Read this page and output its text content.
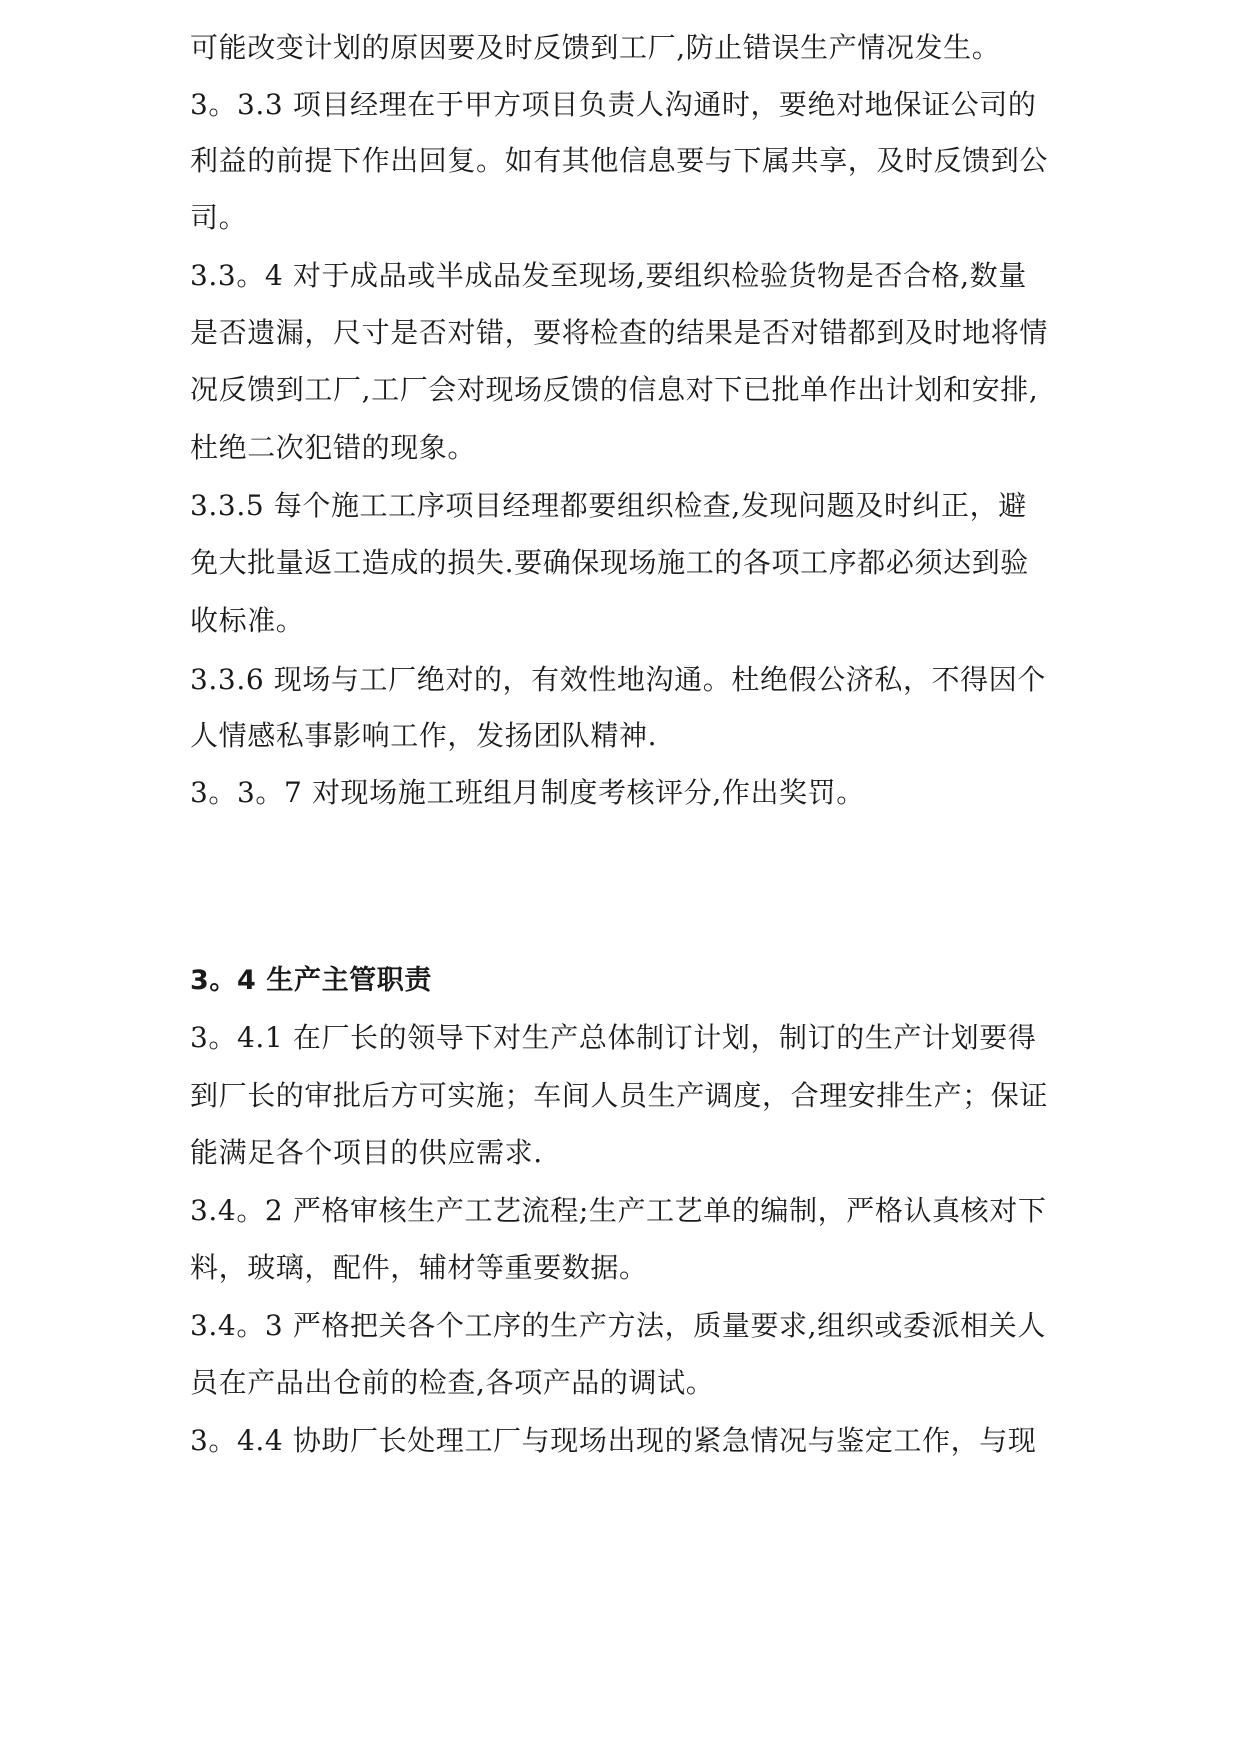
可能改变计划的原因要及时反馈到工厂,防止错误生产情况发生。
3。3.3 项目经理在于甲方项目负责人沟通时，要绝对地保证公司的
利益的前提下作出回复。如有其他信息要与下属共享，及时反馈到公
司。
3.3。4 对于成品或半成品发至现场,要组织检验货物是否合格,数量
是否遗漏，尺寸是否对错，要将检查的结果是否对错都到及时地将情
况反馈到工厂,工厂会对现场反馈的信息对下已批单作出计划和安排,
杜绝二次犯错的现象。
3.3.5 每个施工工序项目经理都要组织检查,发现问题及时纠正，避
免大批量返工造成的损失.要确保现场施工的各项工序都必须达到验
收标准。
3.3.6 现场与工厂绝对的，有效性地沟通。杜绝假公济私，不得因个
人情感私事影响工作，发扬团队精神.
3。3。7 对现场施工班组月制度考核评分,作出奖罚。
3。4 生产主管职责
3。4.1 在厂长的领导下对生产总体制订计划，制订的生产计划要得
到厂长的审批后方可实施；车间人员生产调度，合理安排生产；保证
能满足各个项目的供应需求.
3.4。2 严格审核生产工艺流程;生产工艺单的编制，严格认真核对下
料，玻璃，配件，辅材等重要数据。
3.4。3 严格把关各个工序的生产方法，质量要求,组织或委派相关人
员在产品出仓前的检查,各项产品的调试。
3。4.4 协助厂长处理工厂与现场出现的紧急情况与鉴定工作，与现
